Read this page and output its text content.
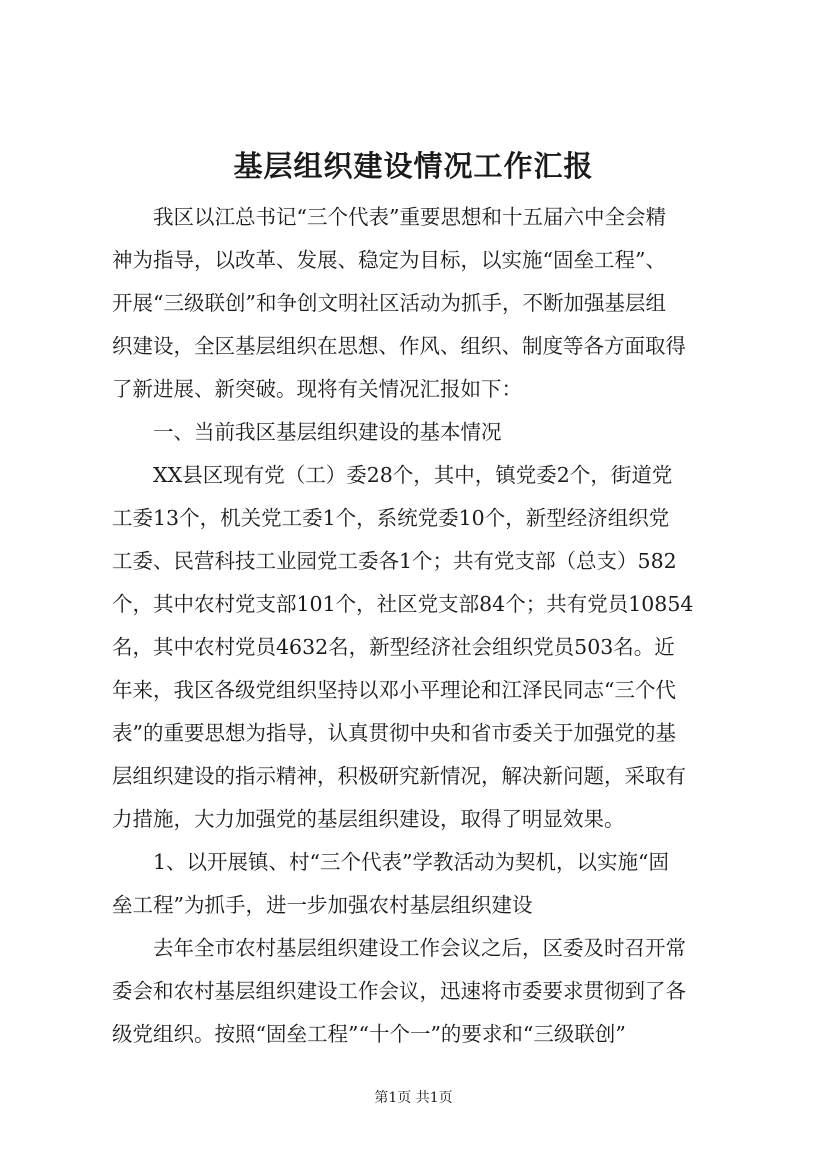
基层组织建设情况工作汇报
　　我区以江总书记“三个代表”重要思想和十五届六中全会精
神为指导，以改革、发展、稳定为目标，以实施“固垒工程”、
开展“三级联创”和争创文明社区活动为抓手，不断加强基层组
织建设，全区基层组织在思想、作风、组织、制度等各方面取得
了新进展、新突破。现将有关情况汇报如下：
　　一、当前我区基层组织建设的基本情况
　　XX县区现有党（工）委28个，其中，镇党委2个，街道党
工委13个，机关党工委1个，系统党委10个，新型经济组织党
工委、民营科技工业园党工委各1个；共有党支部（总支）582
个，其中农村党支部101个，社区党支部84个；共有党员10854
名，其中农村党员4632名，新型经济社会组织党员503名。近
年来，我区各级党组织坚持以邓小平理论和江泽民同志“三个代
表”的重要思想为指导，认真贯彻中央和省市委关于加强党的基
层组织建设的指示精神，积极研究新情况，解决新问题，采取有
力措施，大力加强党的基层组织建设，取得了明显效果。
　　1、以开展镇、村“三个代表”学教活动为契机，以实施“固
垒工程”为抓手，进一步加强农村基层组织建设
　　去年全市农村基层组织建设工作会议之后，区委及时召开常
委会和农村基层组织建设工作会议，迅速将市委要求贯彻到了各
级党组织。按照“固垒工程”“十个一”的要求和“三级联创”
第1页 共1页
